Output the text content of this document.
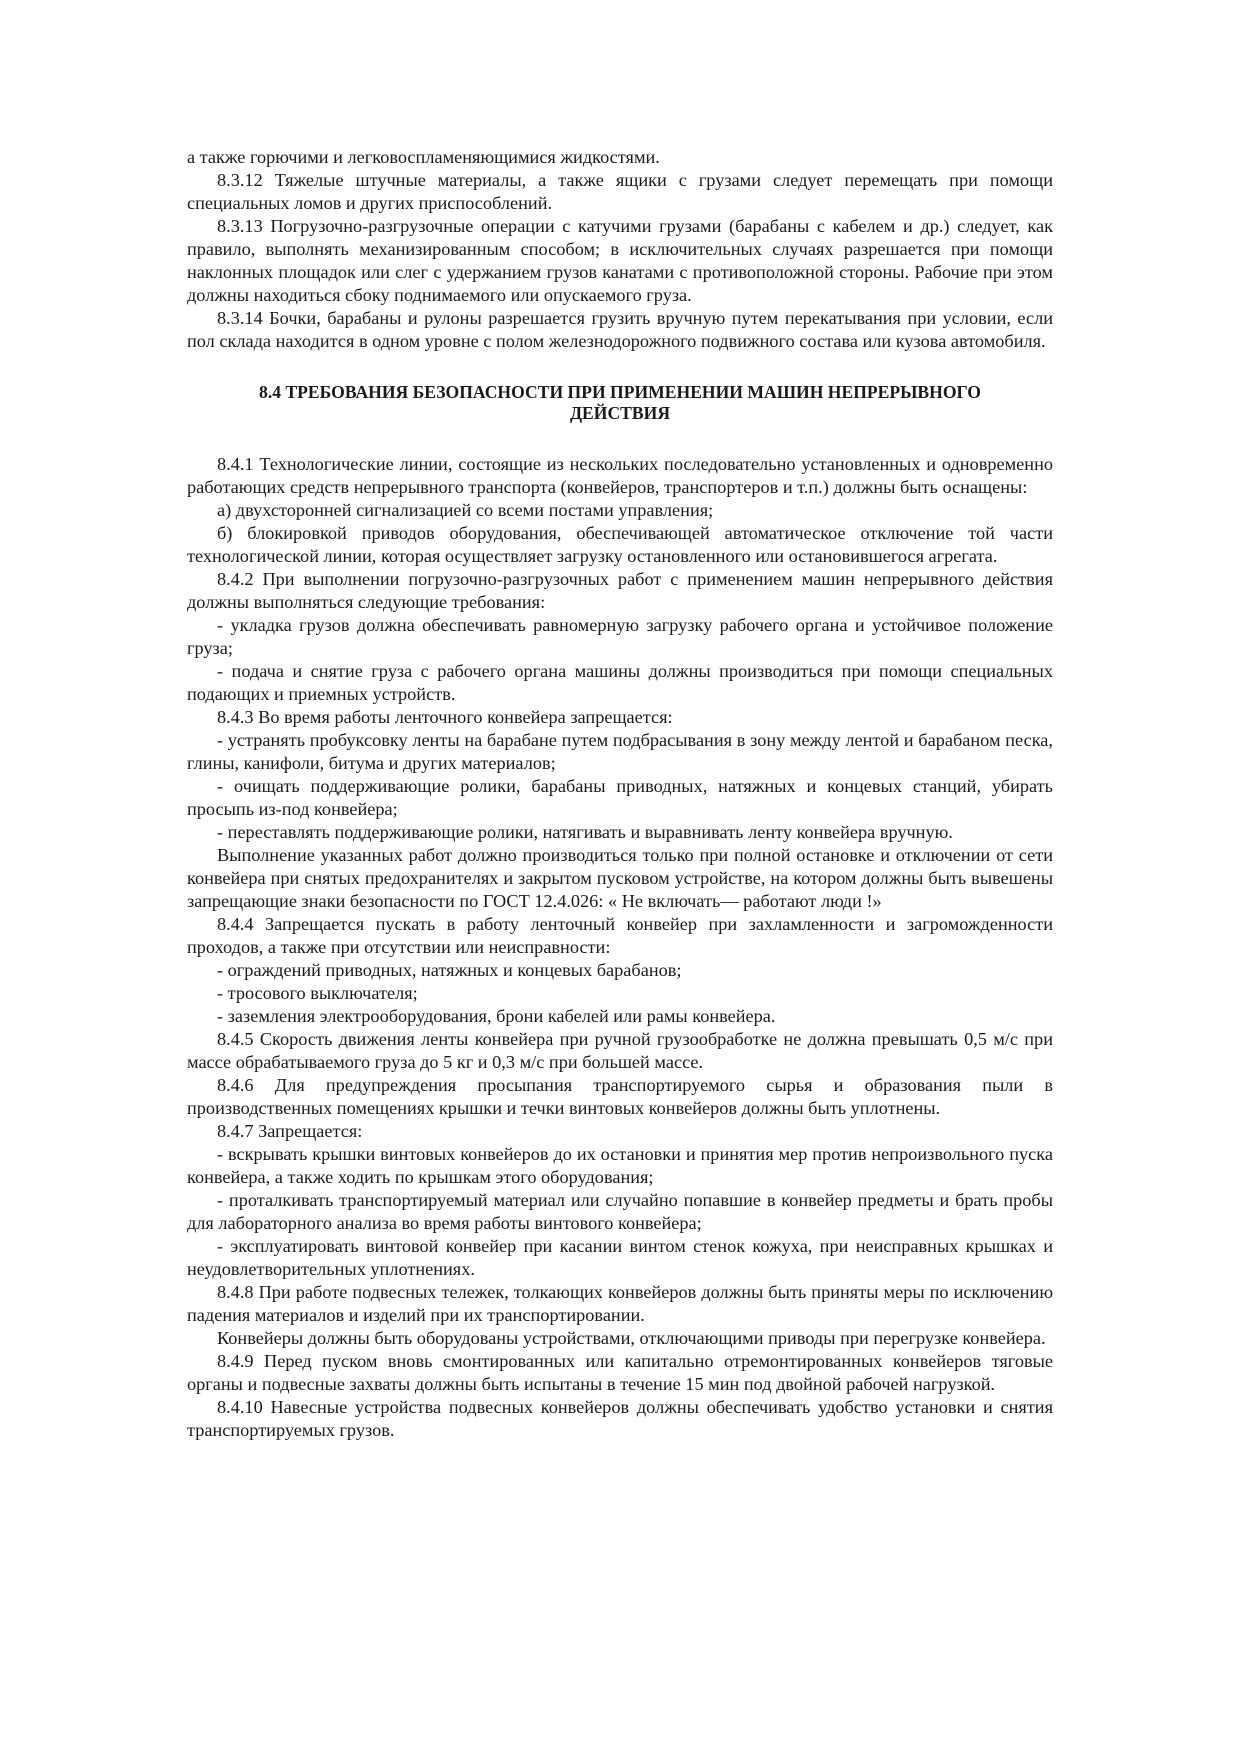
а также горючими и легковоспламеняющимися жидкостями.

8.3.12 Тяжелые штучные материалы, а также ящики с грузами следует перемещать при помощи специальных ломов и других приспособлений.

8.3.13 Погрузочно-разгрузочные операции с катучими грузами (барабаны с кабелем и др.) следует, как правило, выполнять механизированным способом; в исключительных случаях разрешается при помощи наклонных площадок или слег с удержанием грузов канатами с противоположной стороны. Рабочие при этом должны находиться сбоку поднимаемого или опускаемого груза.

8.3.14 Бочки, барабаны и рулоны разрешается грузить вручную путем перекатывания при условии, если пол склада находится в одном уровне с полом железнодорожного подвижного состава или кузова автомобиля.

8.4 ТРЕБОВАНИЯ БЕЗОПАСНОСТИ ПРИ ПРИМЕНЕНИИ МАШИН НЕПРЕРЫВНОГО ДЕЙСТВИЯ

8.4.1 Технологические линии, состоящие из нескольких последовательно установленных и одновременно работающих средств непрерывного транспорта (конвейеров, транспортеров и т.п.) должны быть оснащены:

а) двухсторонней сигнализацией со всеми постами управления;

б) блокировкой приводов оборудования, обеспечивающей автоматическое отключение той части технологической линии, которая осуществляет загрузку остановленного или остановившегося агрегата.

8.4.2 При выполнении погрузочно-разгрузочных работ с применением машин непрерывного действия должны выполняться следующие требования:

- укладка грузов должна обеспечивать равномерную загрузку рабочего органа и устойчивое положение груза;

- подача и снятие груза с рабочего органа машины должны производиться при помощи специальных подающих и приемных устройств.

8.4.3 Во время работы ленточного конвейера запрещается:

- устранять пробуксовку ленты на барабане путем подбрасывания в зону между лентой и барабаном песка, глины, канифоли, битума и других материалов;

- очищать поддерживающие ролики, барабаны приводных, натяжных и концевых станций, убирать просыпь из-под конвейера;

- переставлять поддерживающие ролики, натягивать и выравнивать ленту конвейера вручную.

Выполнение указанных работ должно производиться только при полной остановке и отключении от сети конвейера при снятых предохранителях и закрытом пусковом устройстве, на котором должны быть вывешены запрещающие знаки безопасности по ГОСТ 12.4.026: « Не включать— работают люди !»

8.4.4 Запрещается пускать в работу ленточный конвейер при захламленности и загроможденности проходов, а также при отсутствии или неисправности:

- ограждений приводных, натяжных и концевых барабанов;

- тросового выключателя;

- заземления электрооборудования, брони кабелей или рамы конвейера.

8.4.5 Скорость движения ленты конвейера при ручной грузообработке не должна превышать 0,5 м/с при массе обрабатываемого груза до 5 кг и 0,3 м/с при большей массе.

8.4.6 Для предупреждения просыпания транспортируемого сырья и образования пыли в производственных помещениях крышки и течки винтовых конвейеров должны быть уплотнены.

8.4.7 Запрещается:

- вскрывать крышки винтовых конвейеров до их остановки и принятия мер против непроизвольного пуска конвейера, а также ходить по крышкам этого оборудования;

- проталкивать транспортируемый материал или случайно попавшие в конвейер предметы и брать пробы для лабораторного анализа во время работы винтового конвейера;

- эксплуатировать винтовой конвейер при касании винтом стенок кожуха, при неисправных крышках и неудовлетворительных уплотнениях.

8.4.8 При работе подвесных тележек, толкающих конвейеров должны быть приняты меры по исключению падения материалов и изделий при их транспортировании.

Конвейеры должны быть оборудованы устройствами, отключающими приводы при перегрузке конвейера.

8.4.9 Перед пуском вновь смонтированных или капитально отремонтированных конвейеров тяговые органы и подвесные захваты должны быть испытаны в течение 15 мин под двойной рабочей нагрузкой.

8.4.10 Навесные устройства подвесных конвейеров должны обеспечивать удобство установки и снятия транспортируемых грузов.
